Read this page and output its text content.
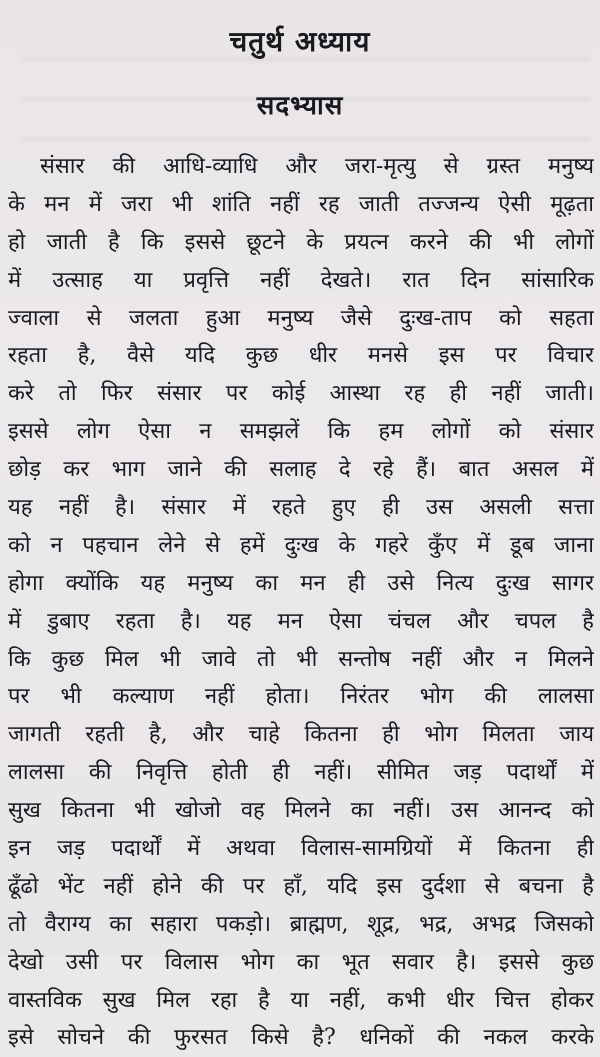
चतुर्थ अध्याय
सदभ्यास
संसार की आधि-व्याधि और जरा-मृत्यु से ग्रस्त मनुष्य
के मन में जरा भी शांति नहीं रह जाती तज्जन्य ऐसी मूढ़ता
हो जाती है कि इससे छूटने के प्रयत्न करने की भी लोगों
में उत्साह या प्रवृत्ति नहीं देखते। रात दिन सांसारिक
ज्वाला से जलता हुआ मनुष्य जैसे दुःख-ताप को सहता
रहता है, वैसे यदि कुछ धीर मनसे इस पर विचार
करे तो फिर संसार पर कोई आस्था रह ही नहीं जाती।
इससे लोग ऐसा न समझलें कि हम लोगों को संसार
छोड़ कर भाग जाने की सलाह दे रहे हैं। बात असल में
यह नहीं है। संसार में रहते हुए ही उस असली सत्ता
को न पहचान लेने से हमें दुःख के गहरे कुँए में डूब जाना
होगा क्योंकि यह मनुष्य का मन ही उसे नित्य दुःख सागर
में डुबाए रहता है। यह मन ऐसा चंचल और चपल है
कि कुछ मिल भी जावे तो भी सन्तोष नहीं और न मिलने
पर भी कल्याण नहीं होता। निरंतर भोग की लालसा
जागती रहती है, और चाहे कितना ही भोग मिलता जाय
लालसा की निवृत्ति होती ही नहीं। सीमित जड़ पदार्थों में
सुख कितना भी खोजो वह मिलने का नहीं। उस आनन्द को
इन जड़ पदार्थों में अथवा विलास-सामग्रियों में कितना ही
ढूँढो भेंट नहीं होने की पर हाँ, यदि इस दुर्दशा से बचना है
तो वैराग्य का सहारा पकड़ो। ब्राह्मण, शूद्र, भद्र, अभद्र जिसको
देखो उसी पर विलास भोग का भूत सवार है। इससे कुछ
वास्तविक सुख मिल रहा है या नहीं, कभी धीर चित्त होकर
इसे सोचने की फुरसत किसे है? धनिकों की नकल करके
